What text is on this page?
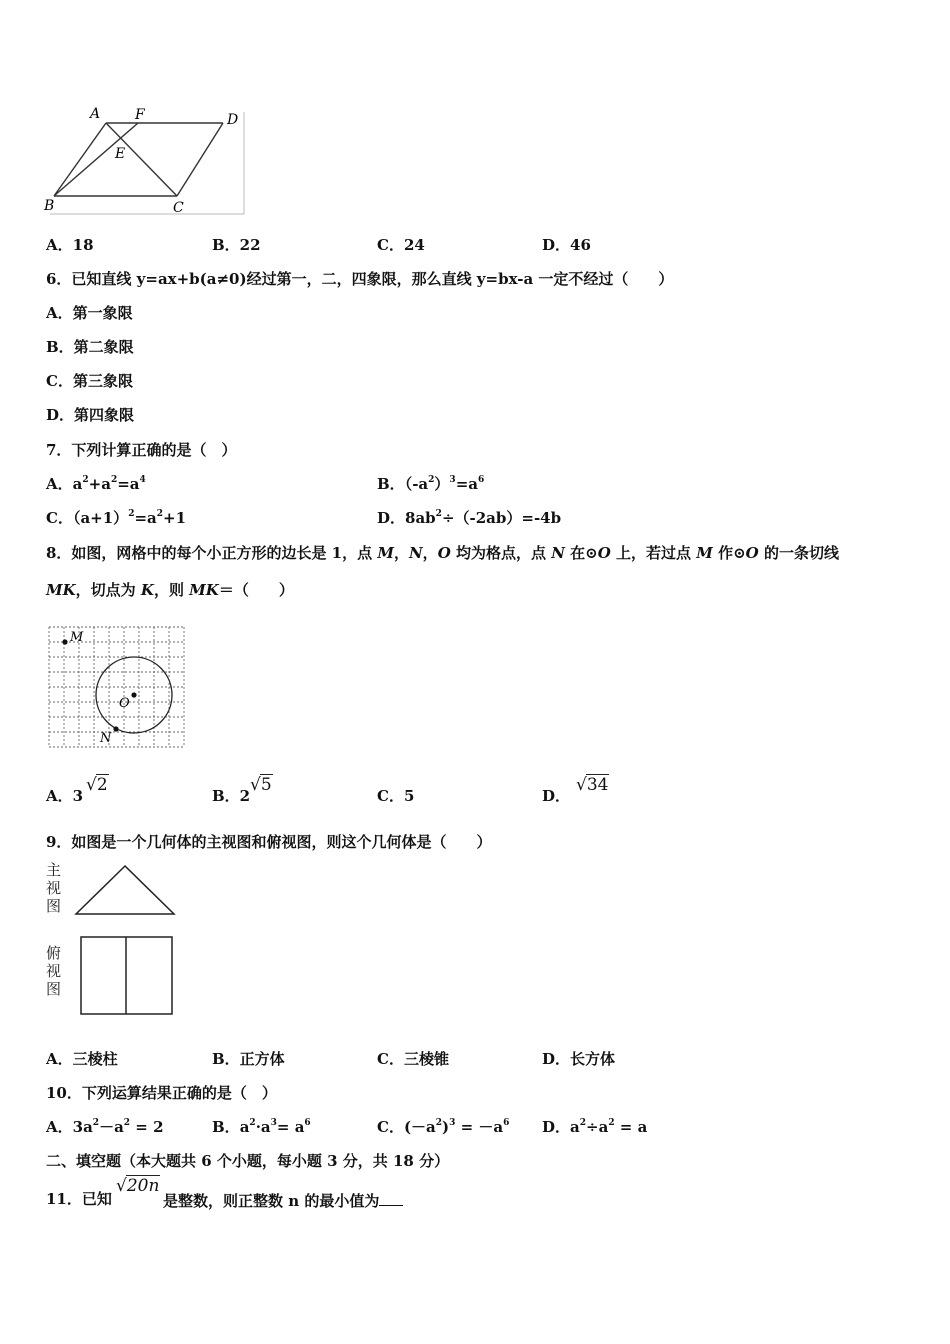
A F	D
E
B	C
A．18	B．22	C．24	D．46
6．已知直线 y=ax+b(a≠0)经过第一，二，四象限，那么直线 y=bx-a 一定不经过（　　）
A．第一象限
B．第二象限
C．第三象限
D．第四象限
7．下列计算正确的是（　）
A．$a^2+a^2=a^4$	B．$(-a^2)^3=a^6$
C．$(a+1)^2=a^2+1$	D．$8ab^2\div(-2ab)=-4b$
8．如图，网格中的每个小正方形的边长是 1，点 M，N，O 均为格点，点 N 在⊙O 上，若过点 M 作⊙O 的一条切线
MK，切点为 K，则 MK＝（　　）
M
O
N
A．3
√2
B．2
√5
C．5	D．
√34
9．如图是一个几何体的主视图和俯视图，则这个几何体是（　　）
主
视
图
俯
视
图
A．三棱柱	B．正方体	C．三棱锥	D．长方体
10．下列运算结果正确的是（　）
A．$3a^2-a^2 = 2$	B．$a^2\cdot a^3= a^6$	C．$(-a^2)^3 = -a^6$ D．$a^2\div a^2 = a$
二、填空题（本大题共 6 个小题，每小题 3 分，共 18 分）
11．已知
√20n
是整数，则正整数 n 的最小值为
